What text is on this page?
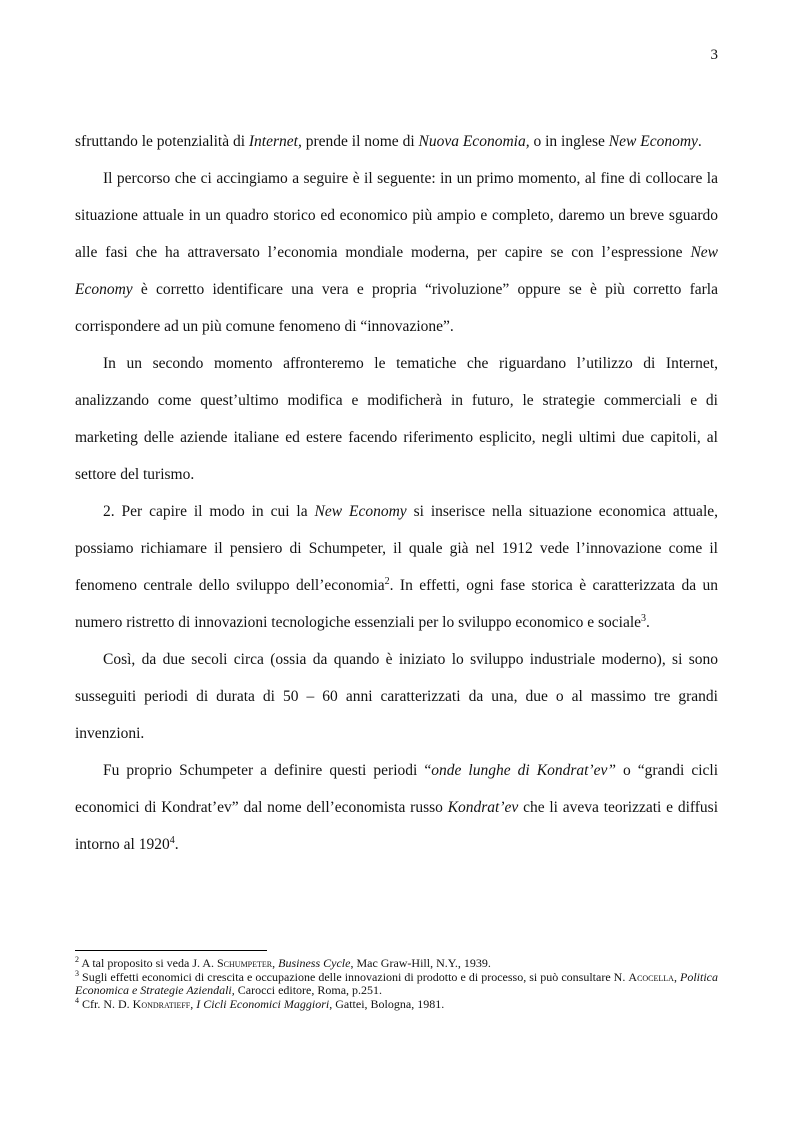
3

sfruttando le potenzialità di Internet, prende il nome di Nuova Economia, o in inglese New Economy.

Il percorso che ci accingiamo a seguire è il seguente: in un primo momento, al fine di collocare la situazione attuale in un quadro storico ed economico più ampio e completo, daremo un breve sguardo alle fasi che ha attraversato l’economia mondiale moderna, per capire se con l’espressione New Economy è corretto identificare una vera e propria “rivoluzione” oppure se è più corretto farla corrispondere ad un più comune fenomeno di “innovazione”.

In un secondo momento affronteremo le tematiche che riguardano l’utilizzo di Internet, analizzando come quest’ultimo modifica e modificherà in futuro, le strategie commerciali e di marketing delle aziende italiane ed estere facendo riferimento esplicito, negli ultimi due capitoli, al settore del turismo.

2. Per capire il modo in cui la New Economy si inserisce nella situazione economica attuale, possiamo richiamare il pensiero di Schumpeter, il quale già nel 1912 vede l’innovazione come il fenomeno centrale dello sviluppo dell’economia$^2$. In effetti, ogni fase storica è caratterizzata da un numero ristretto di innovazioni tecnologiche essenziali per lo sviluppo economico e sociale$^3$.

Così, da due secoli circa (ossia da quando è iniziato lo sviluppo industriale moderno), si sono susseguiti periodi di durata di 50 – 60 anni caratterizzati da una, due o al massimo tre grandi invenzioni.

Fu proprio Schumpeter a definire questi periodi “onde lunghe di Kondrat’ev” o “grandi cicli economici di Kondrat’ev” dal nome dell’economista russo Kondrat’ev che li aveva teorizzati e diffusi intorno al 1920$^4$.

$^2$ A tal proposito si veda J. A. Schumpeter, Business Cycle, Mac Graw-Hill, N.Y., 1939.

$^3$ Sugli effetti economici di crescita e occupazione delle innovazioni di prodotto e di processo, si può consultare N. Acocella, Politica Economica e Strategie Aziendali, Carocci editore, Roma, p.251.

$^4$ Cfr. N. D. Kondratieff, I Cicli Economici Maggiori, Gattei, Bologna, 1981.
